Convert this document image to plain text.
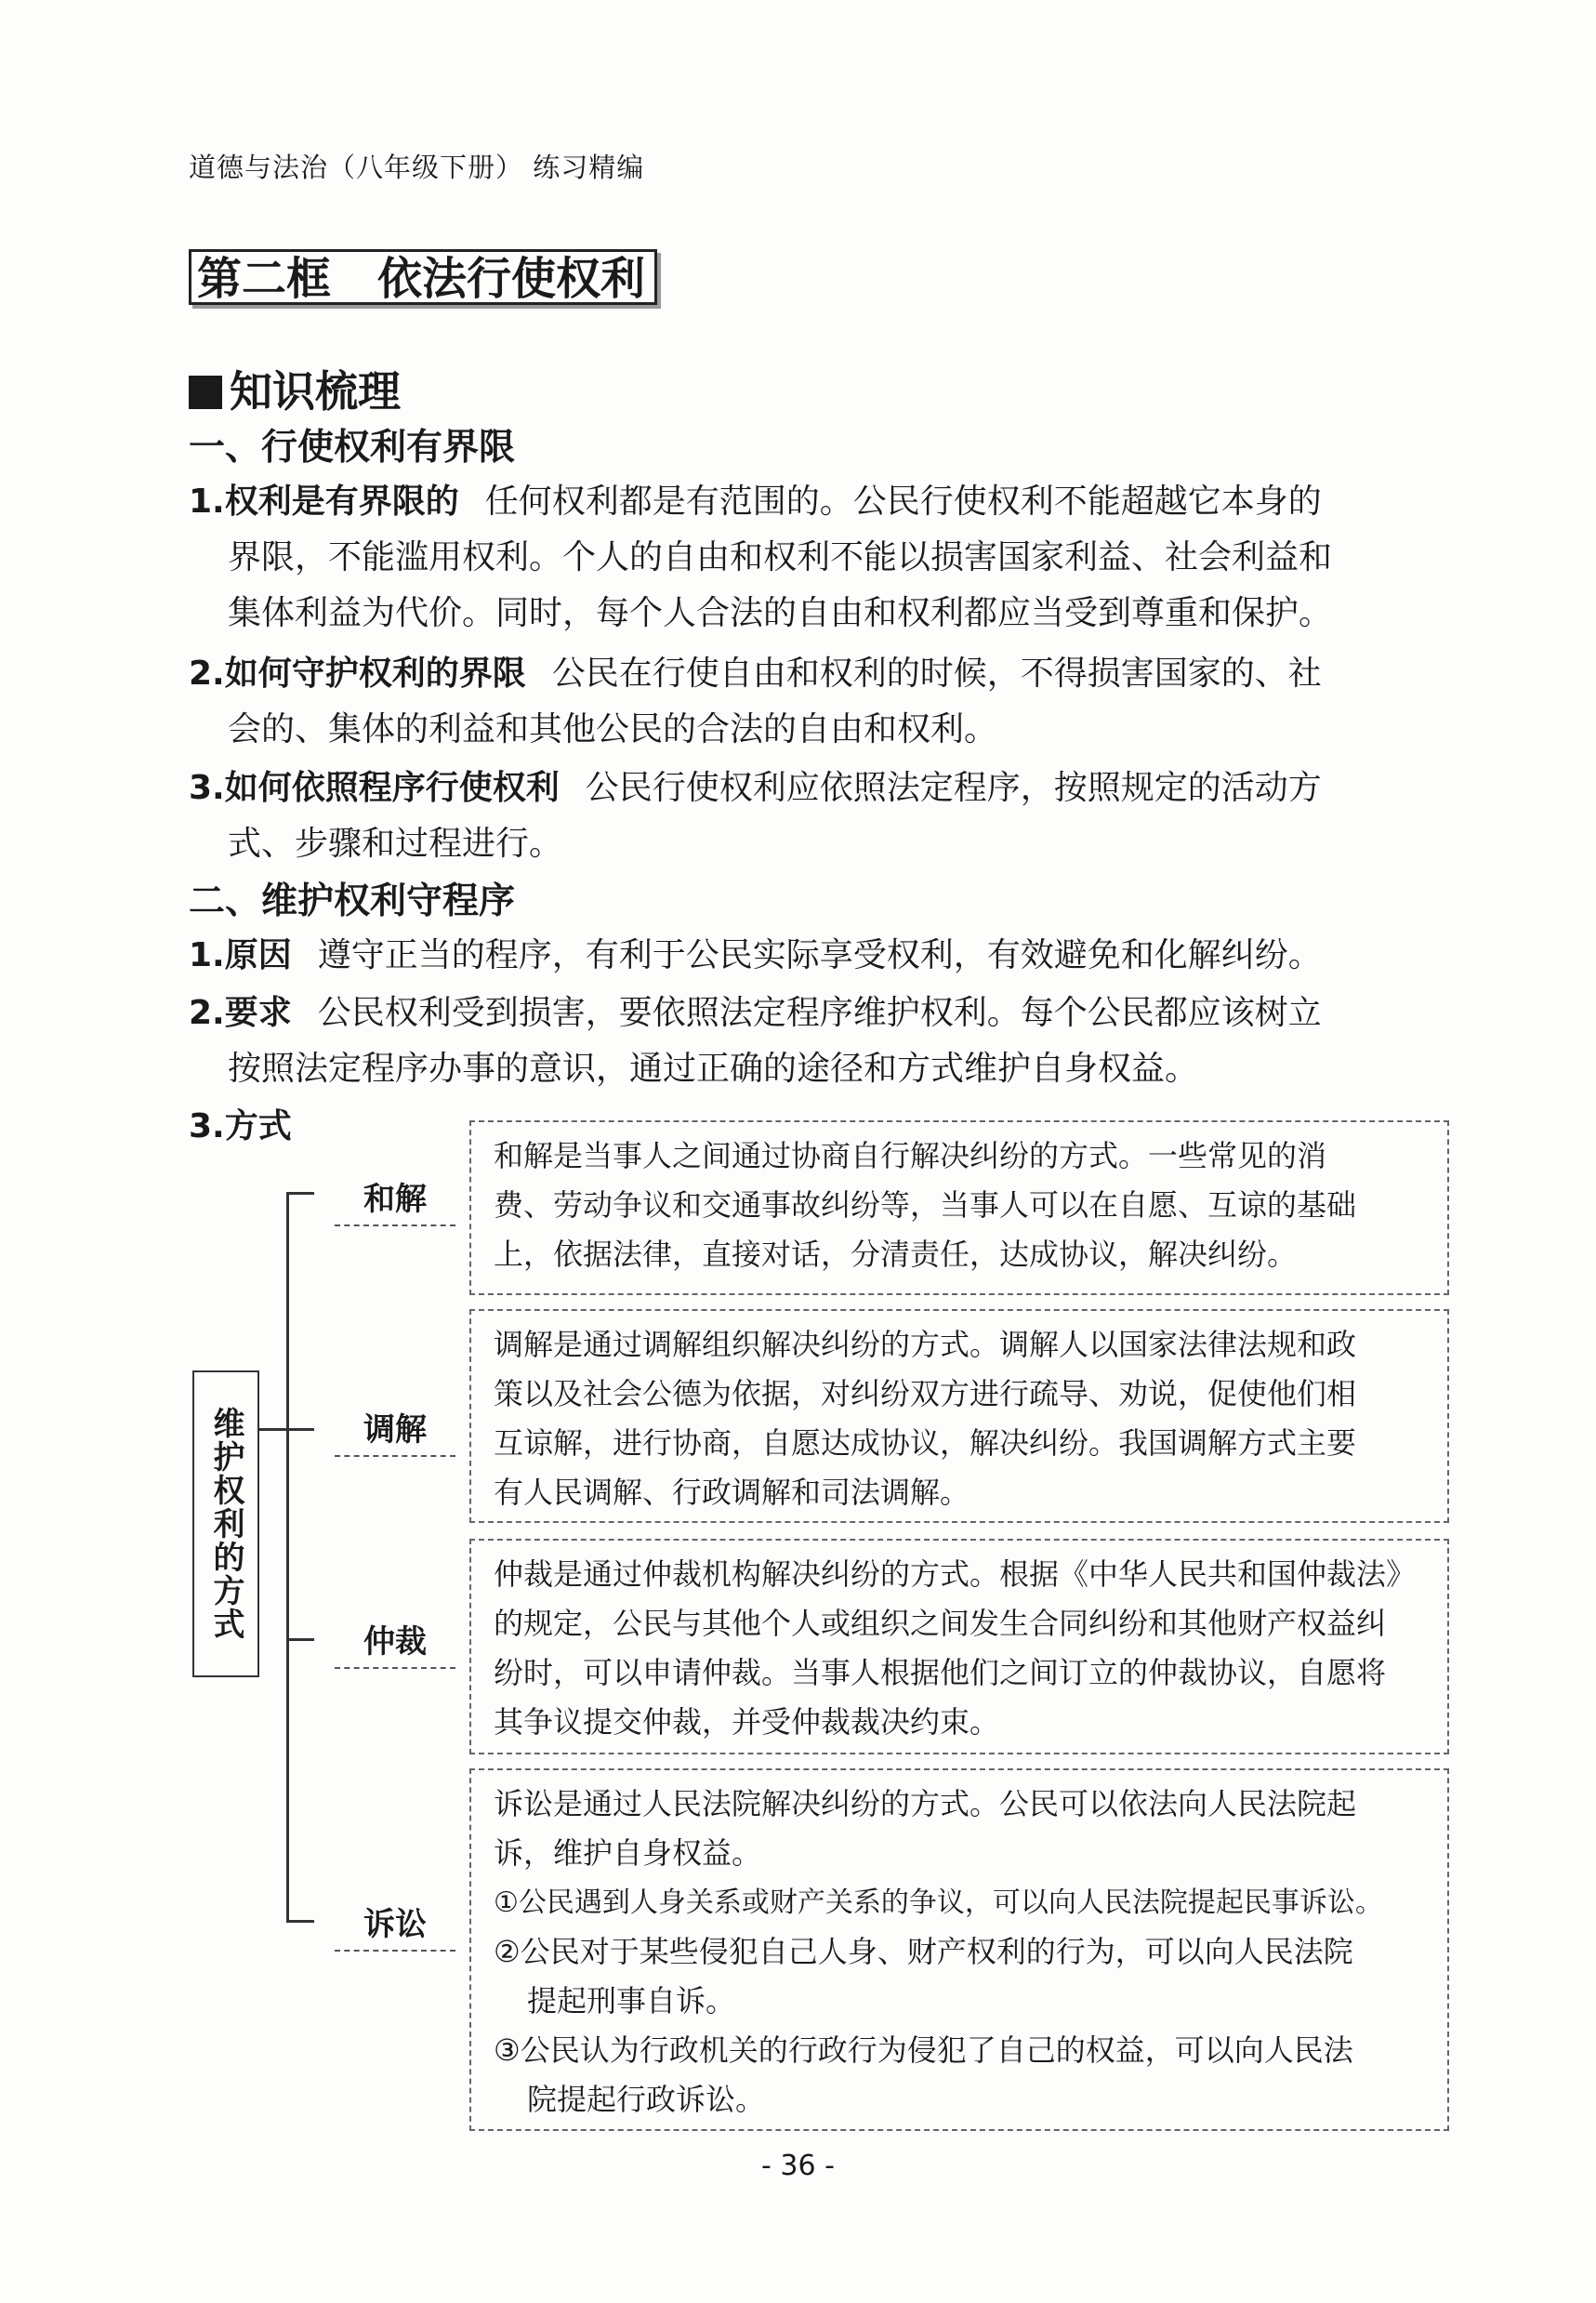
道德与法治（八年级下册） 练习精编
第二框 依法行使权利
知识梳理
一、行使权利有界限
1.权利是有界限的 任何权利都是有范围的。公民行使权利不能超越它本身的
界限，不能滥用权利。个人的自由和权利不能以损害国家利益、社会利益和
集体利益为代价。同时，每个人合法的自由和权利都应当受到尊重和保护。
2.如何守护权利的界限 公民在行使自由和权利的时候，不得损害国家的、社
会的、集体的利益和其他公民的合法的自由和权利。
3.如何依照程序行使权利 公民行使权利应依照法定程序，按照规定的活动方
式、步骤和过程进行。
二、维护权利守程序
1.原因 遵守正当的程序，有利于公民实际享受权利，有效避免和化解纠纷。
2.要求 公民权利受到损害，要依照法定程序维护权利。每个公民都应该树立
按照法定程序办事的意识，通过正确的途径和方式维护自身权益。
3.方式
维护权利的方式
和解
调解
仲裁
诉讼

和解是当事人之间通过协商自行解决纠纷的方式。一些常见的消

费、劳动争议和交通事故纠纷等，当事人可以在自愿、互谅的基础

上，依据法律，直接对话，分清责任，达成协议，解决纠纷。

调解是通过调解组织解决纠纷的方式。调解人以国家法律法规和政

策以及社会公德为依据，对纠纷双方进行疏导、劝说，促使他们相

互谅解，进行协商，自愿达成协议，解决纠纷。我国调解方式主要

有人民调解、行政调解和司法调解。

仲裁是通过仲裁机构解决纠纷的方式。根据《中华人民共和国仲裁法》

的规定，公民与其他个人或组织之间发生合同纠纷和其他财产权益纠

纷时，可以申请仲裁。当事人根据他们之间订立的仲裁协议，自愿将

其争议提交仲裁，并受仲裁裁决约束。

诉讼是通过人民法院解决纠纷的方式。公民可以依法向人民法院起

诉，维护自身权益。

①公民遇到人身关系或财产关系的争议，可以向人民法院提起民事诉讼。

②公民对于某些侵犯自己人身、财产权利的行为，可以向人民法院

提起刑事自诉。

③公民认为行政机关的行政行为侵犯了自己的权益，可以向人民法

院提起行政诉讼。

- 36 -
